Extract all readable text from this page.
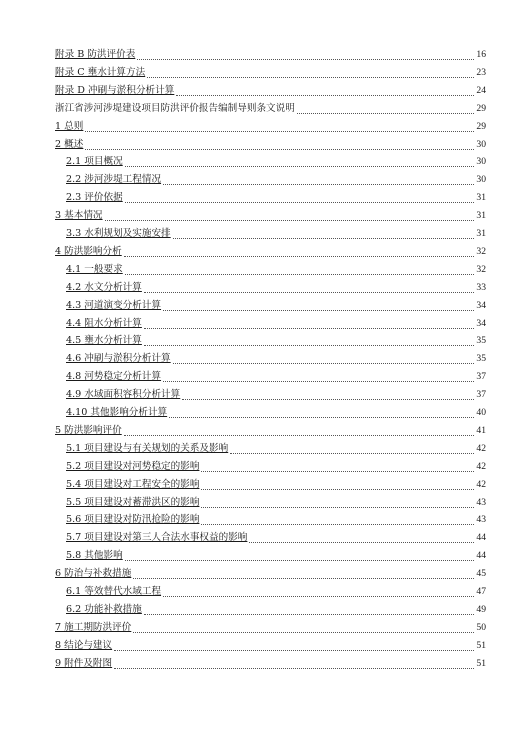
附录 B 防洪评价表	16
附录 C 壅水计算方法	23
附录 D 冲刷与淤积分析计算	24
浙江省涉河涉堤建设项目防洪评价报告编制导则条文说明	29
1 总则	29
2 概述	30
2.1 项目概况	30
2.2 涉河涉堤工程情况	30
2.3 评价依据	31
3 基本情况	31
3.3 水利规划及实施安排	31
4 防洪影响分析	32
4.1 一般要求	32
4.2 水文分析计算	33
4.3 河道演变分析计算	34
4.4 阻水分析计算	34
4.5 壅水分析计算	35
4.6 冲刷与淤积分析计算	35
4.8 河势稳定分析计算	37
4.9 水域面积容积分析计算	37
4.10 其他影响分析计算	40
5 防洪影响评价	41
5.1 项目建设与有关规划的关系及影响	42
5.2 项目建设对河势稳定的影响	42
5.4 项目建设对工程安全的影响	42
5.5 项目建设对蓄滞洪区的影响	43
5.6 项目建设对防汛抢险的影响	43
5.7 项目建设对第三人合法水事权益的影响	44
5.8 其他影响	44
6 防治与补救措施	45
6.1 等效替代水域工程	47
6.2 功能补救措施	49
7 施工期防洪评价	50
8 结论与建议	51
9 附件及附图	51
